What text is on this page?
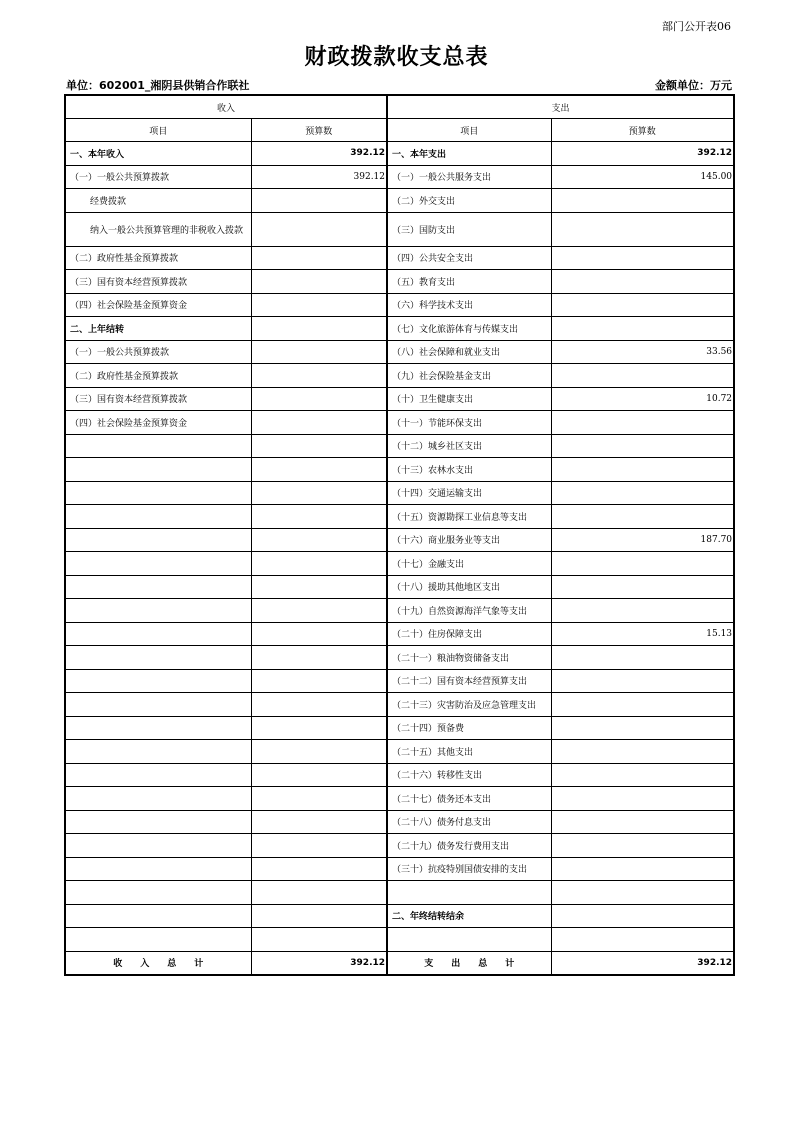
部门公开表06
财政拨款收支总表
单位：602001_湘阴县供销合作联社	金额单位：万元
收入		支出	
项目	预算数	项目	预算数
一、本年收入	392.12	一、本年支出	392.12
（一）一般公共预算拨款	392.12	（一）一般公共服务支出	145.00
经费拨款		（二）外交支出	
纳入一般公共预算管理的非税收入拨款		（三）国防支出	
（二）政府性基金预算拨款		（四）公共安全支出	
（三）国有资本经营预算拨款		（五）教育支出	
（四）社会保险基金预算资金		（六）科学技术支出	
二、上年结转		（七）文化旅游体育与传媒支出	
（一）一般公共预算拨款		（八）社会保障和就业支出	33.56
（二）政府性基金预算拨款		（九）社会保险基金支出	
（三）国有资本经营预算拨款		（十）卫生健康支出	10.72
（四）社会保险基金预算资金		（十一）节能环保支出	
		（十二）城乡社区支出	
		（十三）农林水支出	
		（十四）交通运输支出	
		（十五）资源勘探工业信息等支出	
		（十六）商业服务业等支出	187.70
		（十七）金融支出	
		（十八）援助其他地区支出	
		（十九）自然资源海洋气象等支出	
		（二十）住房保障支出	15.13
		（二十一）粮油物资储备支出	
		（二十二）国有资本经营预算支出	
		（二十三）灾害防治及应急管理支出	
		（二十四）预备费	
		（二十五）其他支出	
		（二十六）转移性支出	
		（二十七）债务还本支出	
		（二十八）债务付息支出	
		（二十九）债务发行费用支出	
		（三十）抗疫特别国债安排的支出	

		二、年终结转结余	

收　　入　　总　　计	392.12	支　　出　　总　　计	392.12
